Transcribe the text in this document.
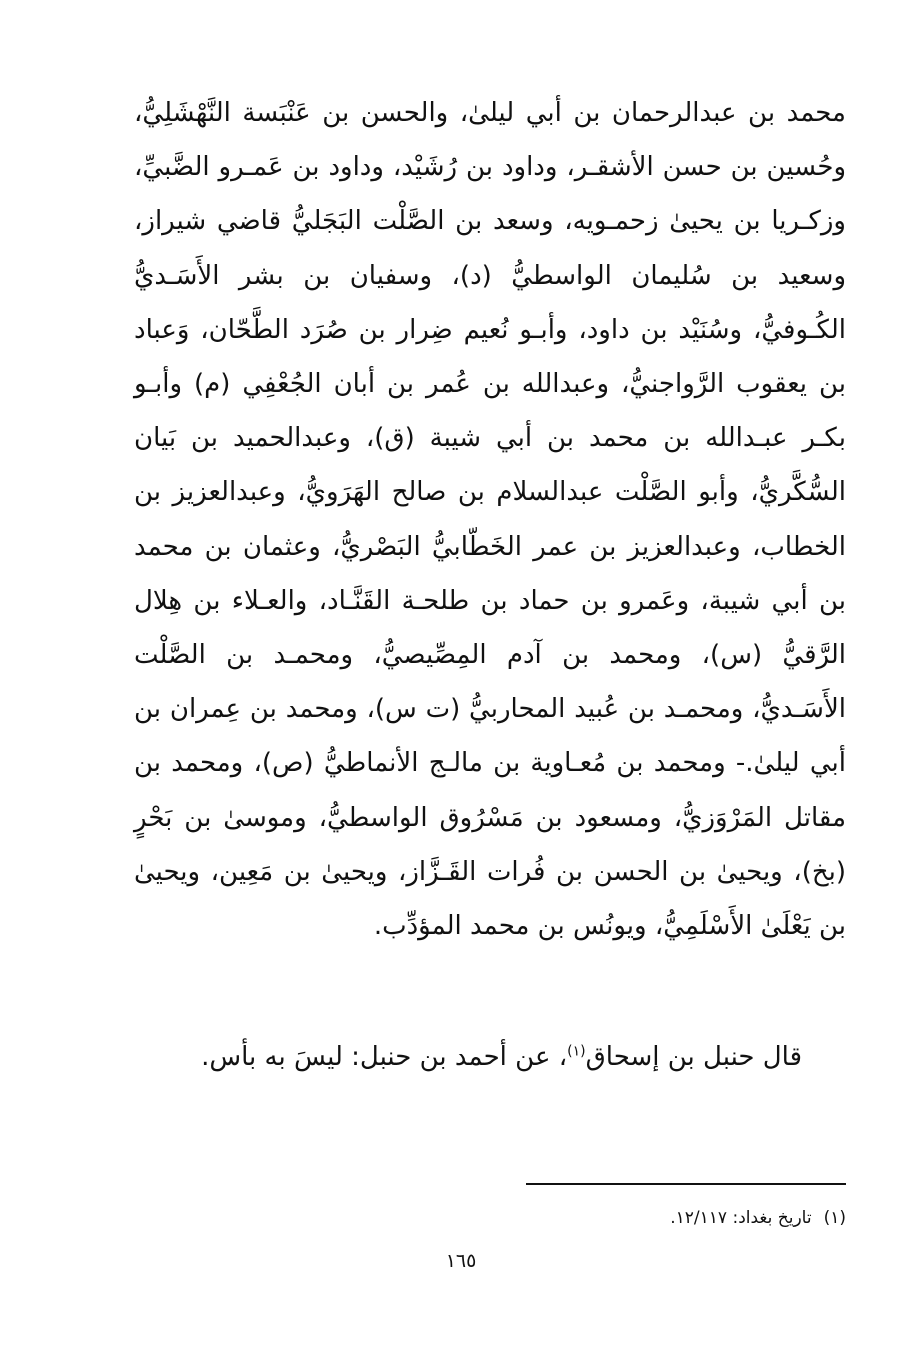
محمد بن عبدالرحمان بن أبي ليلىٰ، والحسن بن عَنْبَسة النَّهْشَلِيُّ، وحُسين بن حسن الأشقـر، وداود بن رُشَيْد، وداود بن عَمـرو الضَّبيِّ، وزكـريا بن يحيىٰ زحمـويه، وسعد بن الصَّلْت البَجَليُّ قاضي شيراز، وسعيد بن سُليمان الواسطيُّ (د)، وسفيان بن بشر الأَسَـديُّ الكُـوفيُّ، وسُنَيْد بن داود، وأبـو نُعيم ضِرار بن صُرَد الطَّحّان، وَعباد بن يعقوب الرَّواجنيُّ، وعبدالله بن عُمر بن أبان الجُعْفِي (م) وأبـو بكـر عبـدالله بن محمد بن أبي شيبة (ق)، وعبدالحميد بن بَيان السُّكَّريُّ، وأبو الصَّلْت عبدالسلام بن صالح الهَرَويُّ، وعبدالعزيز بن الخطاب، وعبدالعزيز بن عمر الخَطّابيُّ البَصْريُّ، وعثمان بن محمد بن أبي شيبة، وعَمرو بن حماد بن طلحـة القَنَّـاد، والعـلاء بن هِلال الرَّقيُّ (س)، ومحمد بن آدم المِصِّيصيُّ، ومحمـد بن الصَّلْت الأَسَـديُّ، ومحمـد بن عُبيد المحاربيُّ (ت س)، ومحمد بن عِمران بن أبي ليلىٰ.- ومحمد بن مُعـاوية بن مالـج الأنماطيُّ (ص)، ومحمد بن مقاتل المَرْوَزيُّ، ومسعود بن مَسْرُوق الواسطيُّ، وموسىٰ بن بَحْرٍ (بخ)، ويحيىٰ بن الحسن بن فُرات القَـزَّاز، ويحيىٰ بن مَعِين، ويحيىٰ بن يَعْلَىٰ الأَسْلَمِيُّ، ويونُس بن محمد المؤدِّب.

قال حنبل بن إسحاق$^{(١)}$، عن أحمد بن حنبل: ليسَ به بأس.

(١)تاريخ بغداد: ١٢/١١٧.
١٦٥
